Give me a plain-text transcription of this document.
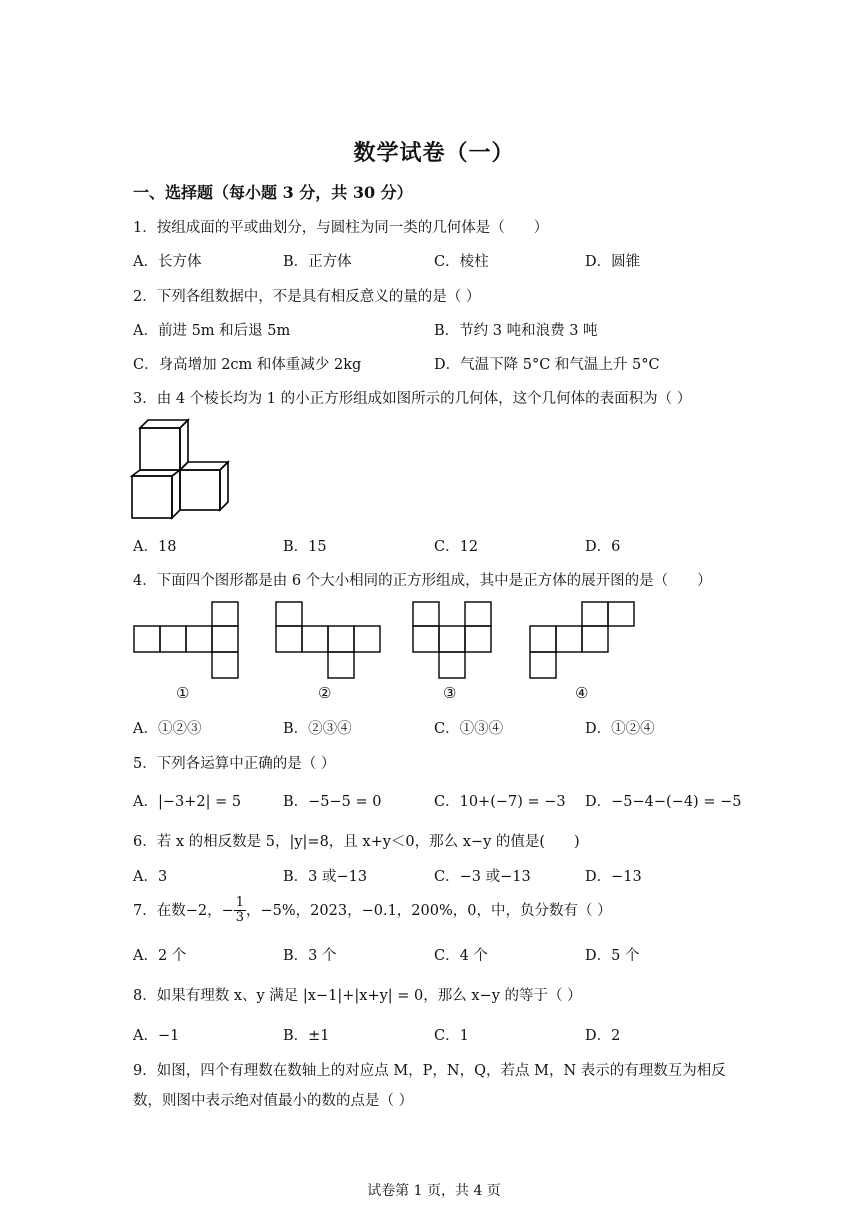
数学试卷（一）
一、选择题（每小题 3 分，共 30 分）
1．按组成面的平或曲划分，与圆柱为同一类的几何体是（　　）
A．长方体	B．正方体	C．棱柱	D．圆锥
2．下列各组数据中，不是具有相反意义的量的是（ ）
A．前进 5m 和后退 5m	B．节约 3 吨和浪费 3 吨
C．身高增加 2cm 和体重减少 2kg	D．气温下降 5°C 和气温上升 5°C
3．由 4 个棱长均为 1 的小正方形组成如图所示的几何体，这个几何体的表面积为（ ）
A．18	B．15	C．12	D．6
4．下面四个图形都是由 6 个大小相同的正方形组成，其中是正方体的展开图的是（　　）
①	②	③	④
A．①②③	B．②③④	C．①③④	D．①②④
5．下列各运算中正确的是（ ）
A．|−3+2| = 5	B．−5−5 = 0	C．10+(−7) = −3 D．−5−4−(−4) = −5
6．若 x 的相反数是 5，|y|=8，且 x+y＜0，那么 x−y 的值是(　　)
A．3	B．3 或−13	C．−3 或−13	D．−13
7．在数−2，− $\frac{1}{3}$ ，−5%，2023，−0.1，200%，0，中，负分数有（ ）
A．2 个	B．3 个	C．4 个	D．5 个
8．如果有理数 x、y 满足 |x−1|+|x+y| = 0，那么 x−y 的等于（ ）
A．−1	B．±1	C．1	D．2
9．如图，四个有理数在数轴上的对应点 M，P，N，Q，若点 M，N 表示的有理数互为相反
数，则图中表示绝对值最小的数的点是（ ）
试卷第 1 页，共 4 页
